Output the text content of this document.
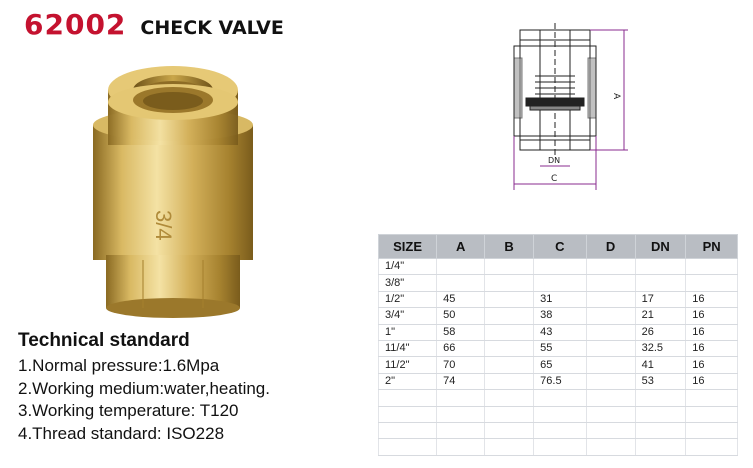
62002 CHECK VALVE
3/4
A
DN
C
Technical standard
1.Normal pressure:1.6Mpa
2.Working medium:water,heating.
3.Working temperature: T120
4.Thread standard: ISO228
SIZE	A	B	C	D	DN	PN
1/4"						
3/8"						
1/2"	45		31		17	16
3/4"	50		38		21	16
1"	58		43		26	16
11/4"	66		55		32.5	16
11/2"	70		65		41	16
2"	74		76.5		53	16
